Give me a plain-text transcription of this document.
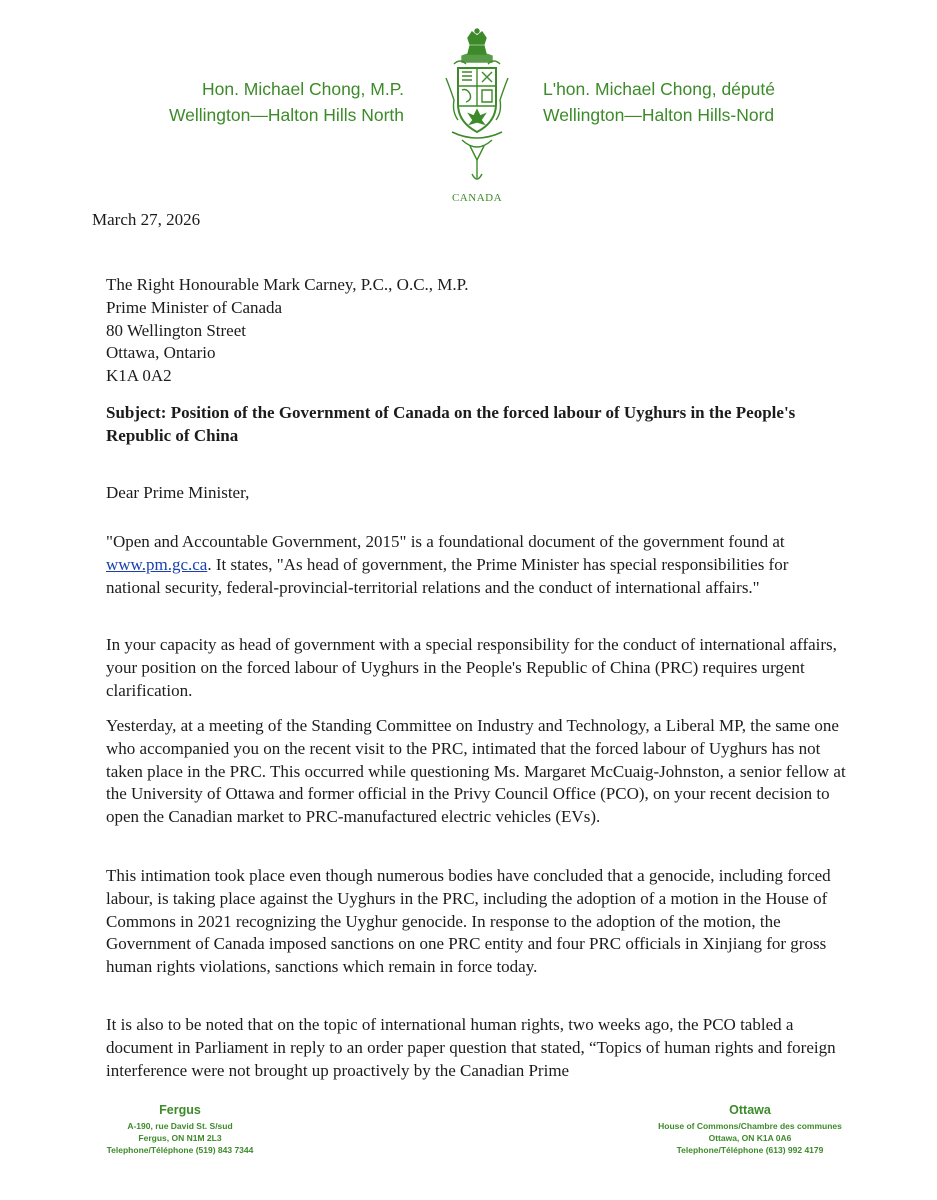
Hon. Michael Chong, M.P.
Wellington—Halton Hills North
CANADA
L'hon. Michael Chong, député
Wellington—Halton Hills-Nord
March 27, 2026
The Right Honourable Mark Carney, P.C., O.C., M.P.
Prime Minister of Canada
80 Wellington Street
Ottawa, Ontario
K1A 0A2
Subject: Position of the Government of Canada on the forced labour of Uyghurs in the People's Republic of China
Dear Prime Minister,
"Open and Accountable Government, 2015" is a foundational document of the government found at www.pm.gc.ca. It states, "As head of government, the Prime Minister has special responsibilities for national security, federal-provincial-territorial relations and the conduct of international affairs."
In your capacity as head of government with a special responsibility for the conduct of international affairs, your position on the forced labour of Uyghurs in the People's Republic of China (PRC) requires urgent clarification.
Yesterday, at a meeting of the Standing Committee on Industry and Technology, a Liberal MP, the same one who accompanied you on the recent visit to the PRC, intimated that the forced labour of Uyghurs has not taken place in the PRC. This occurred while questioning Ms. Margaret McCuaig-Johnston, a senior fellow at the University of Ottawa and former official in the Privy Council Office (PCO), on your recent decision to open the Canadian market to PRC-manufactured electric vehicles (EVs).
This intimation took place even though numerous bodies have concluded that a genocide, including forced labour, is taking place against the Uyghurs in the PRC, including the adoption of a motion in the House of Commons in 2021 recognizing the Uyghur genocide. In response to the adoption of the motion, the Government of Canada imposed sanctions on one PRC entity and four PRC officials in Xinjiang for gross human rights violations, sanctions which remain in force today.
It is also to be noted that on the topic of international human rights, two weeks ago, the PCO tabled a document in Parliament in reply to an order paper question that stated, “Topics of human rights and foreign interference were not brought up proactively by the Canadian Prime
Fergus
A-190, rue David St. S/sud
Fergus, ON N1M 2L3
Telephone/Téléphone (519) 843 7344
Ottawa
House of Commons/Chambre des communes
Ottawa, ON K1A 0A6
Telephone/Téléphone (613) 992 4179
